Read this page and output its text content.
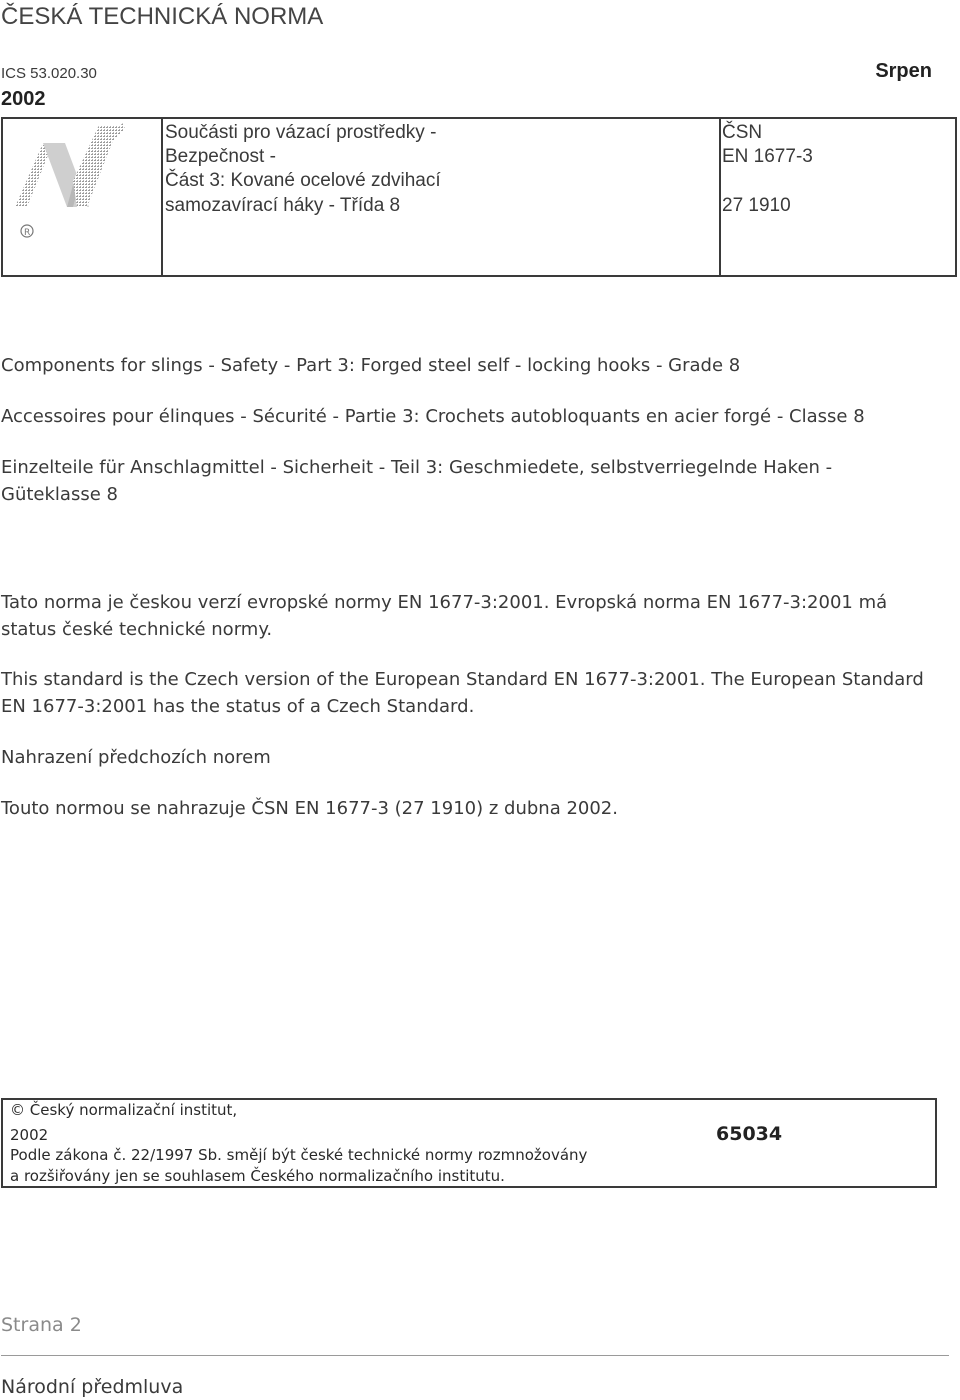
ČESKÁ TECHNICKÁ NORMA
ICS 53.020.30	Srpen
2002
R
Součásti pro vázací prostředky -
Bezpečnost -
Část 3: Kované ocelové zdvihací
samozavírací háky - Třída 8
ČSN
EN 1677-3
27 1910
Components for slings - Safety - Part 3: Forged steel self - locking hooks - Grade 8
Accessoires pour élinques - Sécurité - Partie 3: Crochets autobloquants en acier forgé - Classe 8
Einzelteile für Anschlagmittel - Sicherheit - Teil 3: Geschmiedete, selbstverriegelnde Haken -
Güteklasse 8
Tato norma je českou verzí evropské normy EN 1677-3:2001. Evropská norma EN 1677-3:2001 má
status české technické normy.
This standard is the Czech version of the European Standard EN 1677-3:2001. The European Standard
EN 1677-3:2001 has the status of a Czech Standard.
Nahrazení předchozích norem
Touto normou se nahrazuje ČSN EN 1677-3 (27 1910) z dubna 2002.
© Český normalizační institut,
2002	65034
Podle zákona č. 22/1997 Sb. smějí být české technické normy rozmnožovány
a rozšiřovány jen se souhlasem Českého normalizačního institutu.
Strana 2
Národní předmluva
